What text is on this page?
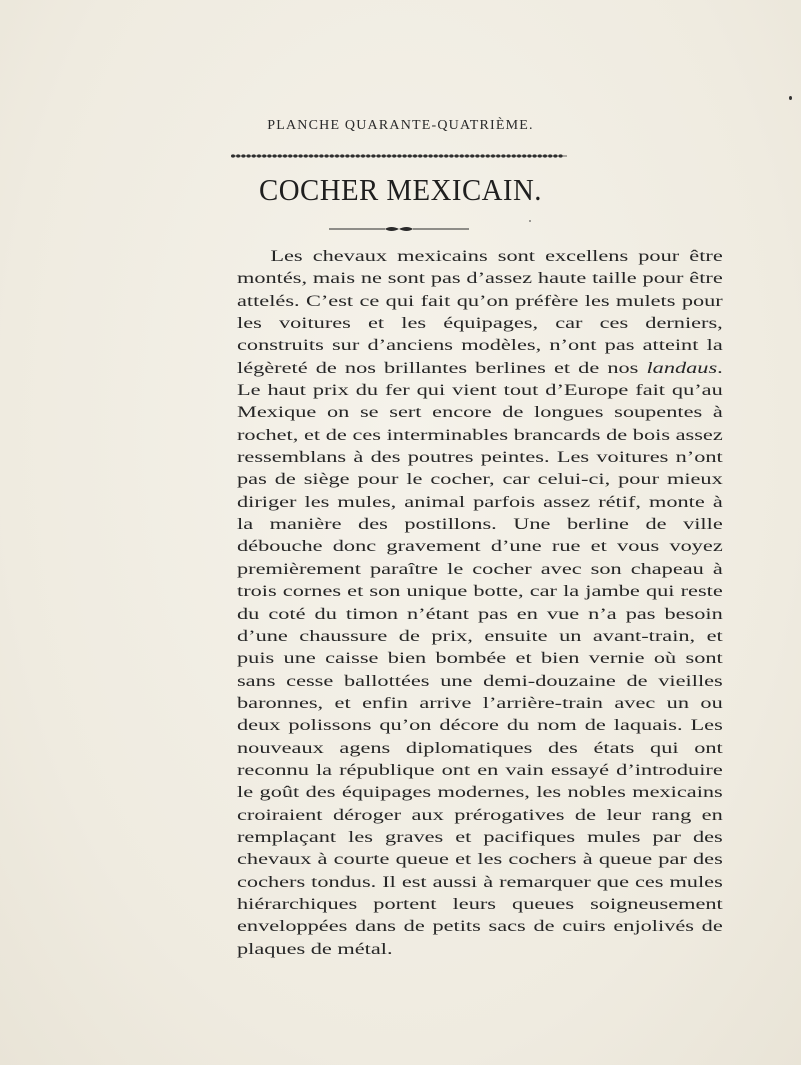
PLANCHE QUARANTE-QUATRIÈME.
COCHER MEXICAIN.

Les chevaux mexicains sont excellens pour être montés, mais ne sont pas d’assez haute taille pour être attelés. C’est ce qui fait qu’on préfère les mulets pour les voitures et les équipages, car ces derniers, construits sur d’anciens modèles, n’ont pas atteint la légèreté de nos brillantes berlines et de nos landaus. Le haut prix du fer qui vient tout d’Europe fait qu’au Mexique on se sert encore de longues soupentes à rochet, et de ces interminables brancards de bois assez ressemblans à des poutres peintes. Les voitures n’ont pas de siège pour le cocher, car celui-ci, pour mieux diriger les mules, animal parfois assez rétif, monte à la manière des postillons. Une berline de ville débouche donc gravement d’une rue et vous voyez premièrement paraître le cocher avec son chapeau à trois cornes et son unique botte, car la jambe qui reste du coté du timon n’étant pas en vue n’a pas besoin d’une chaussure de prix, ensuite un avant-train, et puis une caisse bien bombée et bien vernie où sont sans cesse ballottées une demi-douzaine de vieilles baronnes, et enfin arrive l’arrière-train avec un ou deux polissons qu’on décore du nom de laquais. Les nouveaux agens diplomatiques des états qui ont reconnu la république ont en vain essayé d’introduire le goût des équipages modernes, les nobles mexicains croiraient déroger aux prérogatives de leur rang en remplaçant les graves et pacifiques mules par des chevaux à courte queue et les cochers à queue par des cochers tondus. Il est aussi à remarquer que ces mules hiérarchiques portent leurs queues soigneusement enveloppées dans de petits sacs de cuirs enjolivés de plaques de métal.
